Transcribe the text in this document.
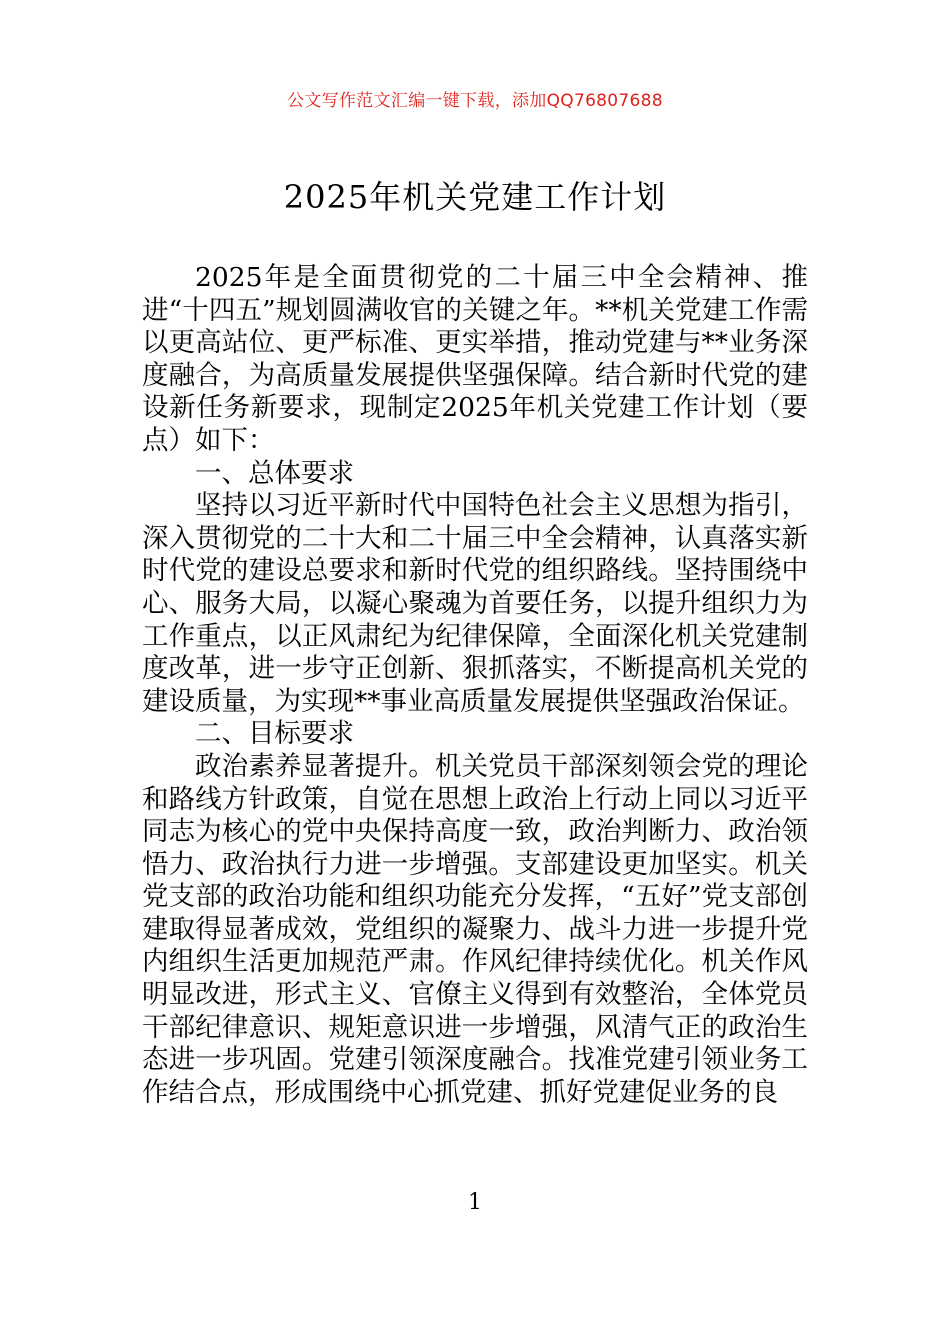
公文写作范文汇编一键下载，添加QQ76807688
2025年机关党建工作计划

2025年是全面贯彻党的二十届三中全会精神、推进“十四五”规划圆满收官的关键之年。**机关党建工作需以更高站位、更严标准、更实举措，推动党建与**业务深度融合，为高质量发展提供坚强保障。结合新时代党的建设新任务新要求，现制定2025年机关党建工作计划（要点）如下：

一、总体要求

坚持以习近平新时代中国特色社会主义思想为指引，深入贯彻党的二十大和二十届三中全会精神，认真落实新时代党的建设总要求和新时代党的组织路线。坚持围绕中心、服务大局，以凝心聚魂为首要任务，以提升组织力为工作重点，以正风肃纪为纪律保障，全面深化机关党建制度改革，进一步守正创新、狠抓落实，不断提高机关党的建设质量，为实现**事业高质量发展提供坚强政治保证。

二、目标要求

政治素养显著提升。机关党员干部深刻领会党的理论和路线方针政策，自觉在思想上政治上行动上同以习近平同志为核心的党中央保持高度一致，政治判断力、政治领悟力、政治执行力进一步增强。支部建设更加坚实。机关党支部的政治功能和组织功能充分发挥，“五好”党支部创建取得显著成效，党组织的凝聚力、战斗力进一步提升党内组织生活更加规范严肃。作风纪律持续优化。机关作风明显改进，形式主义、官僚主义得到有效整治，全体党员干部纪律意识、规矩意识进一步增强，风清气正的政治生态进一步巩固。党建引领深度融合。找准党建引领业务工作结合点，形成围绕中心抓党建、抓好党建促业务的良

1
